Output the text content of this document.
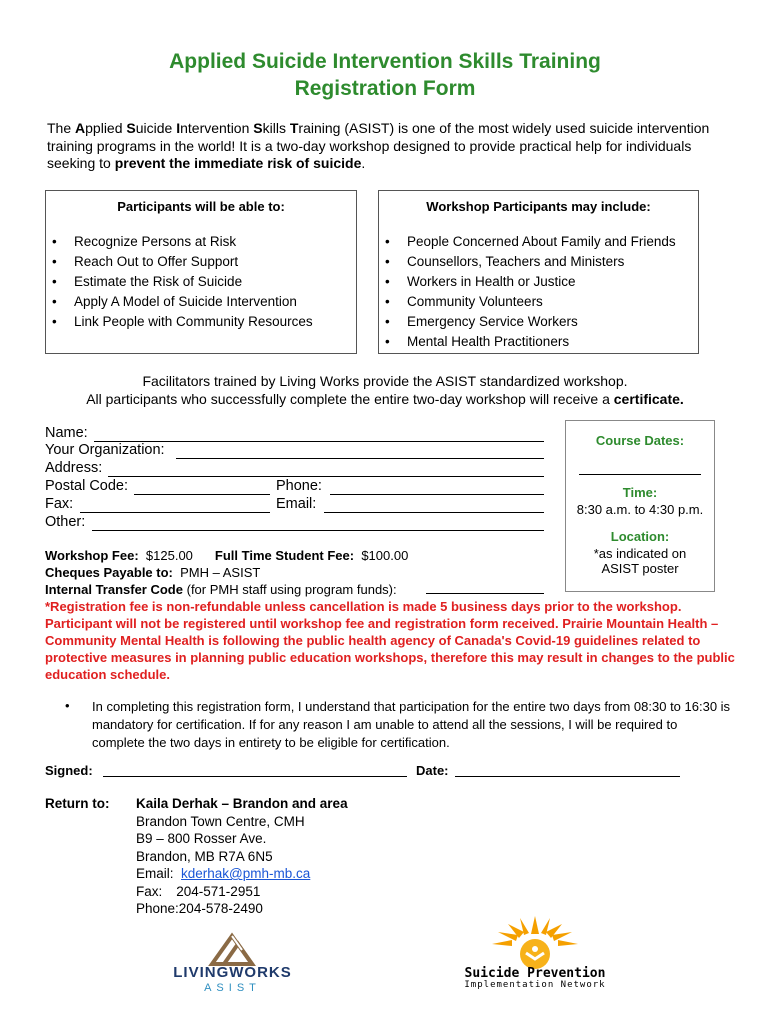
Applied Suicide Intervention Skills Training
Registration Form
The Applied Suicide Intervention Skills Training (ASIST) is one of the most widely used suicide intervention training programs in the world! It is a two-day workshop designed to provide practical help for individuals seeking to prevent the immediate risk of suicide.
Participants will be able to:
• Recognize Persons at Risk
• Reach Out to Offer Support
• Estimate the Risk of Suicide
• Apply A Model of Suicide Intervention
• Link People with Community Resources
Workshop Participants may include:
• People Concerned About Family and Friends
• Counsellors, Teachers and Ministers
• Workers in Health or Justice
• Community Volunteers
• Emergency Service Workers
• Mental Health Practitioners
Facilitators trained by Living Works provide the ASIST standardized workshop.
All participants who successfully complete the entire two-day workshop will receive a certificate.
Name:
Your Organization:
Address:
Postal Code:	Phone:
Fax:	Email:
Other:
Course Dates:
Time:
8:30 a.m. to 4:30 p.m.
Location:
*as indicated on
ASIST poster
Workshop Fee: $125.00 Full Time Student Fee: $100.00
Cheques Payable to: PMH – ASIST
Internal Transfer Code (for PMH staff using program funds):
*Registration fee is non-refundable unless cancellation is made 5 business days prior to the workshop. Participant will not be registered until workshop fee and registration form received. Prairie Mountain Health – Community Mental Health is following the public health agency of Canada's Covid-19 guidelines related to protective measures in planning public education workshops, therefore this may result in changes to the public education schedule.
• In completing this registration form, I understand that participation for the entire two days from 08:30 to 16:30 is mandatory for certification. If for any reason I am unable to attend all the sessions, I will be required to complete the two days in entirety to be eligible for certification.
Signed:	Date:
Return to: Kaila Derhak – Brandon and area
Brandon Town Centre, CMH
B9 – 800 Rosser Ave.
Brandon, MB R7A 6N5
Email: kderhak@pmh-mb.ca
Fax: 204-571-2951
Phone:204-578-2490
LIVINGWORKS
ASIST
Suicide Prevention
Implementation Network
